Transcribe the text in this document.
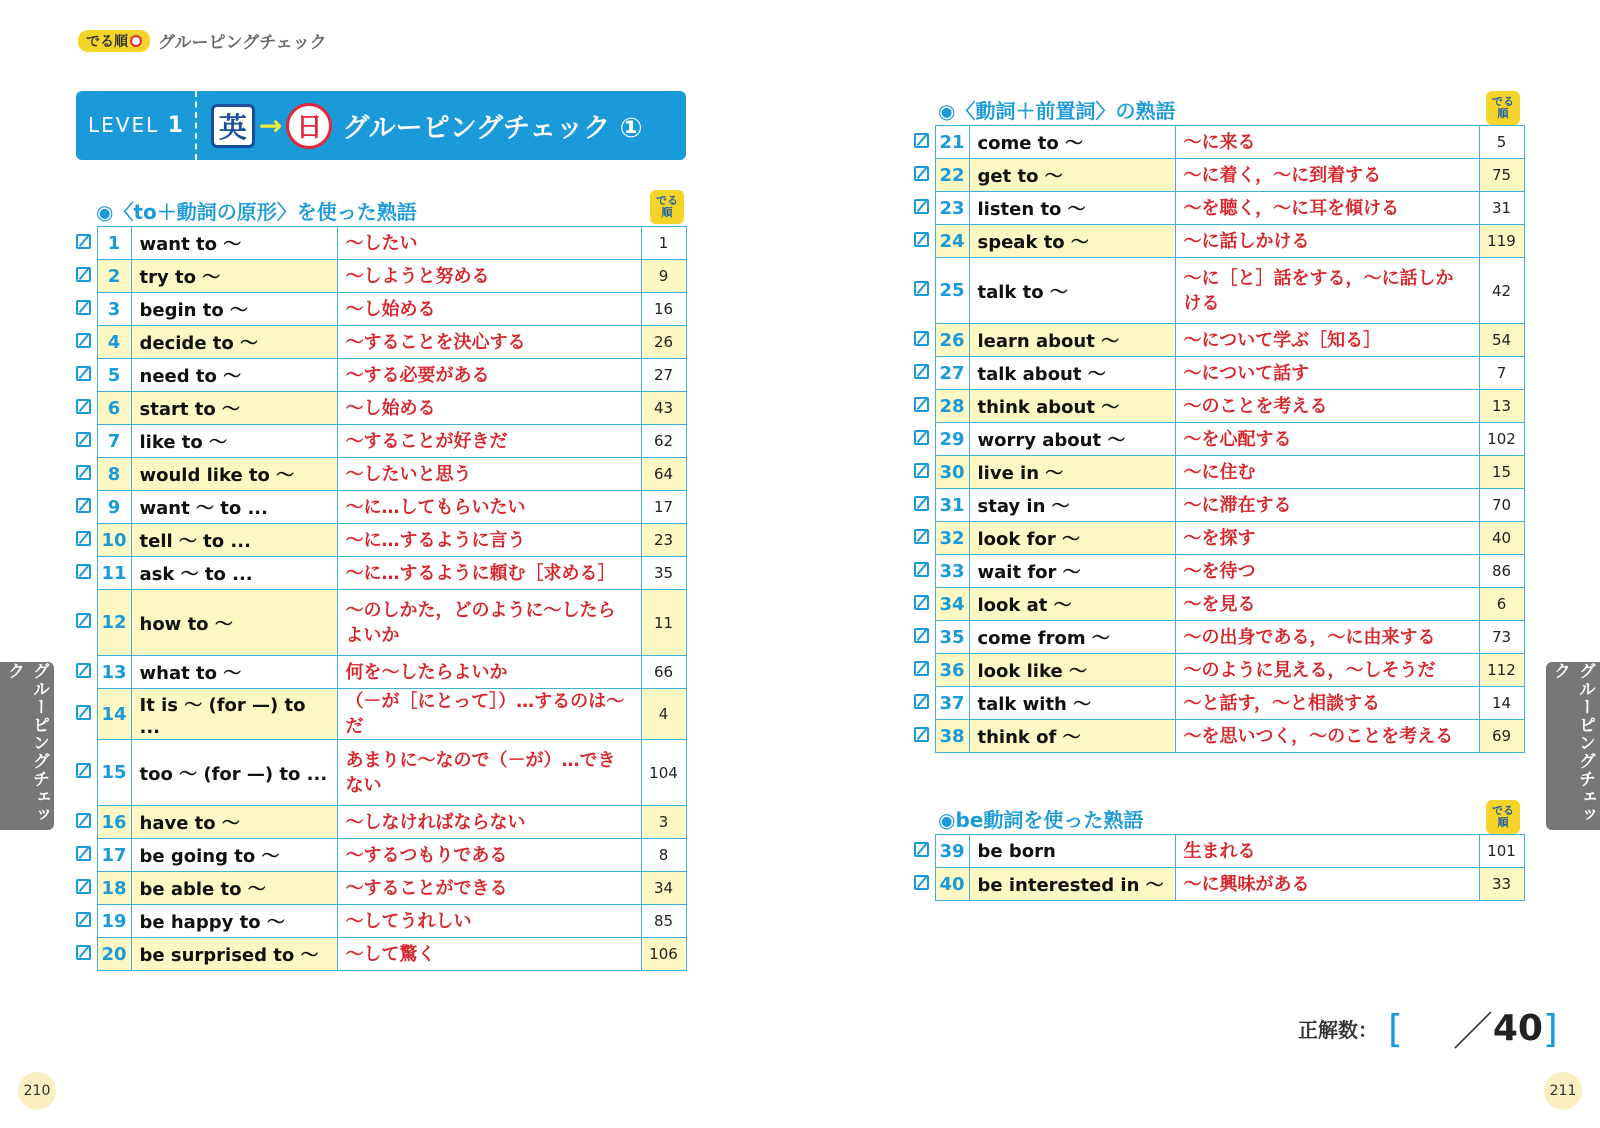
でる順 グルーピングチェック
LEVEL 1	英 → 日 グルーピングチェック ①
◉〈to＋動詞の原形〉を使った熟語	でる
順
	1	want to ～	～したい	1
	2	try to ～	～しようと努める	9
	3	begin to ～	～し始める	16
	4	decide to ～	～することを決心する	26
	5	need to ～	～する必要がある	27
	6	start to ～	～し始める	43
	7	like to ～	～することが好きだ	62
	8	would like to ～	～したいと思う	64
	9	want ～ to ...	～に…してもらいたい	17
	10	tell ～ to ...	～に…するように言う	23
	11	ask ～ to ...	～に…するように頼む［求める］	35
	12	how to ～	～のしかた，どのように～したらよいか	11
	13	what to ～	何を～したらよいか	66
	14	It is ～ (for —) to ...	（－が［にとって］）…するのは～だ	4
	15	too ～ (for —) to ...	あまりに～なので（－が）…できない	104
	16	have to ～	～しなければならない	3
	17	be going to ～	～するつもりである	8
	18	be able to ～	～することができる	34
	19	be happy to ～	～してうれしい	85
	20	be surprised to ～	～して驚く	106
◉〈動詞＋前置詞〉の熟語	でる
順
	21	come to ～	～に来る	5
	22	get to ～	～に着く，～に到着する	75
	23	listen to ～	～を聴く，～に耳を傾ける	31
	24	speak to ～	～に話しかける	119
	25	talk to ～	～に［と］話をする，～に話しかける	42
	26	learn about ～	～について学ぶ［知る］	54
	27	talk about ～	～について話す	7
	28	think about ～	～のことを考える	13
	29	worry about ～	～を心配する	102
	30	live in ～	～に住む	15
	31	stay in ～	～に滞在する	70
	32	look for ～	～を探す	40
	33	wait for ～	～を待つ	86
	34	look at ～	～を見る	6
	35	come from ～	～の出身である，～に由来する	73
	36	look like ～	～のように見える，～しそうだ	112
	37	talk with ～	～と話す，～と相談する	14
	38	think of ～	～を思いつく，～のことを考える	69
◉be動詞を使った熟語	でる
順
	39	be born	生まれる	101
	40	be interested in ～	～に興味がある	33
グルーピングチェック	グルーピングチェック
正解数： [ ／ 40 ]
210	211
